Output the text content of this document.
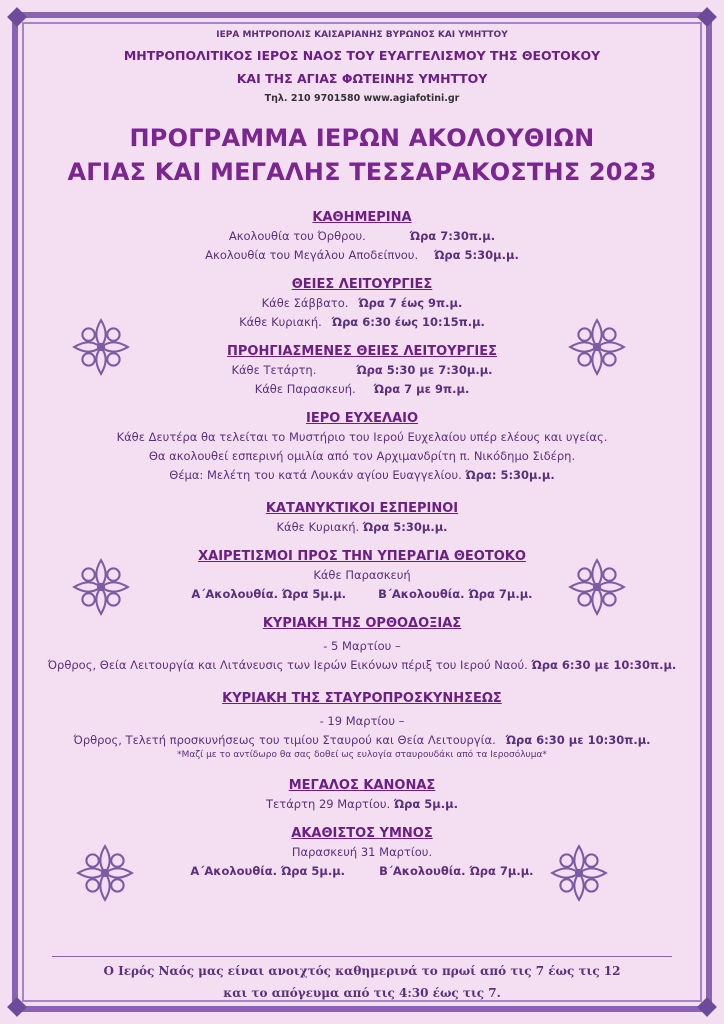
ΙΕΡΑ ΜΗΤΡΟΠΟΛΙΣ ΚΑΙΣΑΡΙΑΝΗΣ ΒΥΡΩΝΟΣ ΚΑΙ ΥΜΗΤΤΟΥ
ΜΗΤΡΟΠΟΛΙΤΙΚΟΣ ΙΕΡΟΣ ΝΑΟΣ ΤΟΥ ΕΥΑΓΓΕΛΙΣΜΟΥ ΤΗΣ ΘΕΟΤΟΚΟΥ
ΚΑΙ ΤΗΣ ΑΓΙΑΣ ΦΩΤΕΙΝΗΣ ΥΜΗΤΤΟΥ
Τηλ. 210 9701580 www.agiafotini.gr
ΠΡΟΓΡΑΜΜΑ ΙΕΡΩΝ ΑΚΟΛΟΥΘΙΩΝ
ΑΓΙΑΣ ΚΑΙ ΜΕΓΑΛΗΣ ΤΕΣΣΑΡΑΚΟΣΤΗΣ 2023
ΚΑΘΗΜΕΡΙΝΑ
Ακολουθία του Όρθρου.	Ώρα 7:30π.μ.
Ακολουθία του Μεγάλου Αποδείπνου. Ώρα 5:30μ.μ.
ΘΕΙΕΣ ΛΕΙΤΟΥΡΓΙΕΣ
Κάθε Σάββατο. Ώρα 7 έως 9π.μ.
Κάθε Κυριακή. Ώρα 6:30 έως 10:15π.μ.
ΠΡΟΗΓΙΑΣΜΕΝΕΣ ΘΕΙΕΣ ΛΕΙΤΟΥΡΓΙΕΣ
Κάθε Τετάρτη.	Ώρα 5:30 με 7:30μ.μ.
Κάθε Παρασκευή. Ώρα 7 με 9π.μ.
ΙΕΡΟ ΕΥΧΕΛΑΙΟ
Κάθε Δευτέρα θα τελείται το Μυστήριο του Ιερού Ευχελαίου υπέρ ελέους και υγείας.
Θα ακολουθεί εσπερινή ομιλία από τον Αρχιμανδρίτη π. Νικόδημο Σιδέρη.
Θέμα: Μελέτη του κατά Λουκάν αγίου Ευαγγελίου. Ώρα: 5:30μ.μ.
ΚΑΤΑΝΥΚΤΙΚΟΙ ΕΣΠΕΡΙΝΟΙ
Κάθε Κυριακή. Ώρα 5:30μ.μ.
ΧΑΙΡΕΤΙΣΜΟΙ ΠΡΟΣ ΤΗΝ ΥΠΕΡΑΓΙΑ ΘΕΟΤΟΚΟ
Κάθε Παρασκευή
Α΄Ακολουθία. Ώρα 5μ.μ.	Β΄Ακολουθία. Ώρα 7μ.μ.
ΚΥΡΙΑΚΗ ΤΗΣ ΟΡΘΟΔΟΞΙΑΣ
- 5 Μαρτίου –
Όρθρος, Θεία Λειτουργία και Λιτάνευσις των Ιερών Εικόνων πέριξ του Ιερού Ναού. Ώρα 6:30 με 10:30π.μ.
ΚΥΡΙΑΚΗ ΤΗΣ ΣΤΑΥΡΟΠΡΟΣΚΥΝΗΣΕΩΣ
- 19 Μαρτίου –
Όρθρος, Τελετή προσκυνήσεως του τιμίου Σταυρού και Θεία Λειτουργία. Ώρα 6:30 με 10:30π.μ.
*Μαζί με το αντίδωρο θα σας δοθεί ως ευλογία σταυρουδάκι από τα Ιεροσόλυμα*
ΜΕΓΑΛΟΣ ΚΑΝΟΝΑΣ
Τετάρτη 29 Μαρτίου. Ώρα 5μ.μ.
ΑΚΑΘΙΣΤΟΣ ΥΜΝΟΣ
Παρασκευή 31 Μαρτίου.
Α΄Ακολουθία. Ώρα 5μ.μ.	Β΄Ακολουθία. Ώρα 7μ.μ.
Ο Ιερός Ναός μας είναι ανοιχτός καθημερινά το πρωί από τις 7 έως τις 12
και το απόγευμα από τις 4:30 έως τις 7.
